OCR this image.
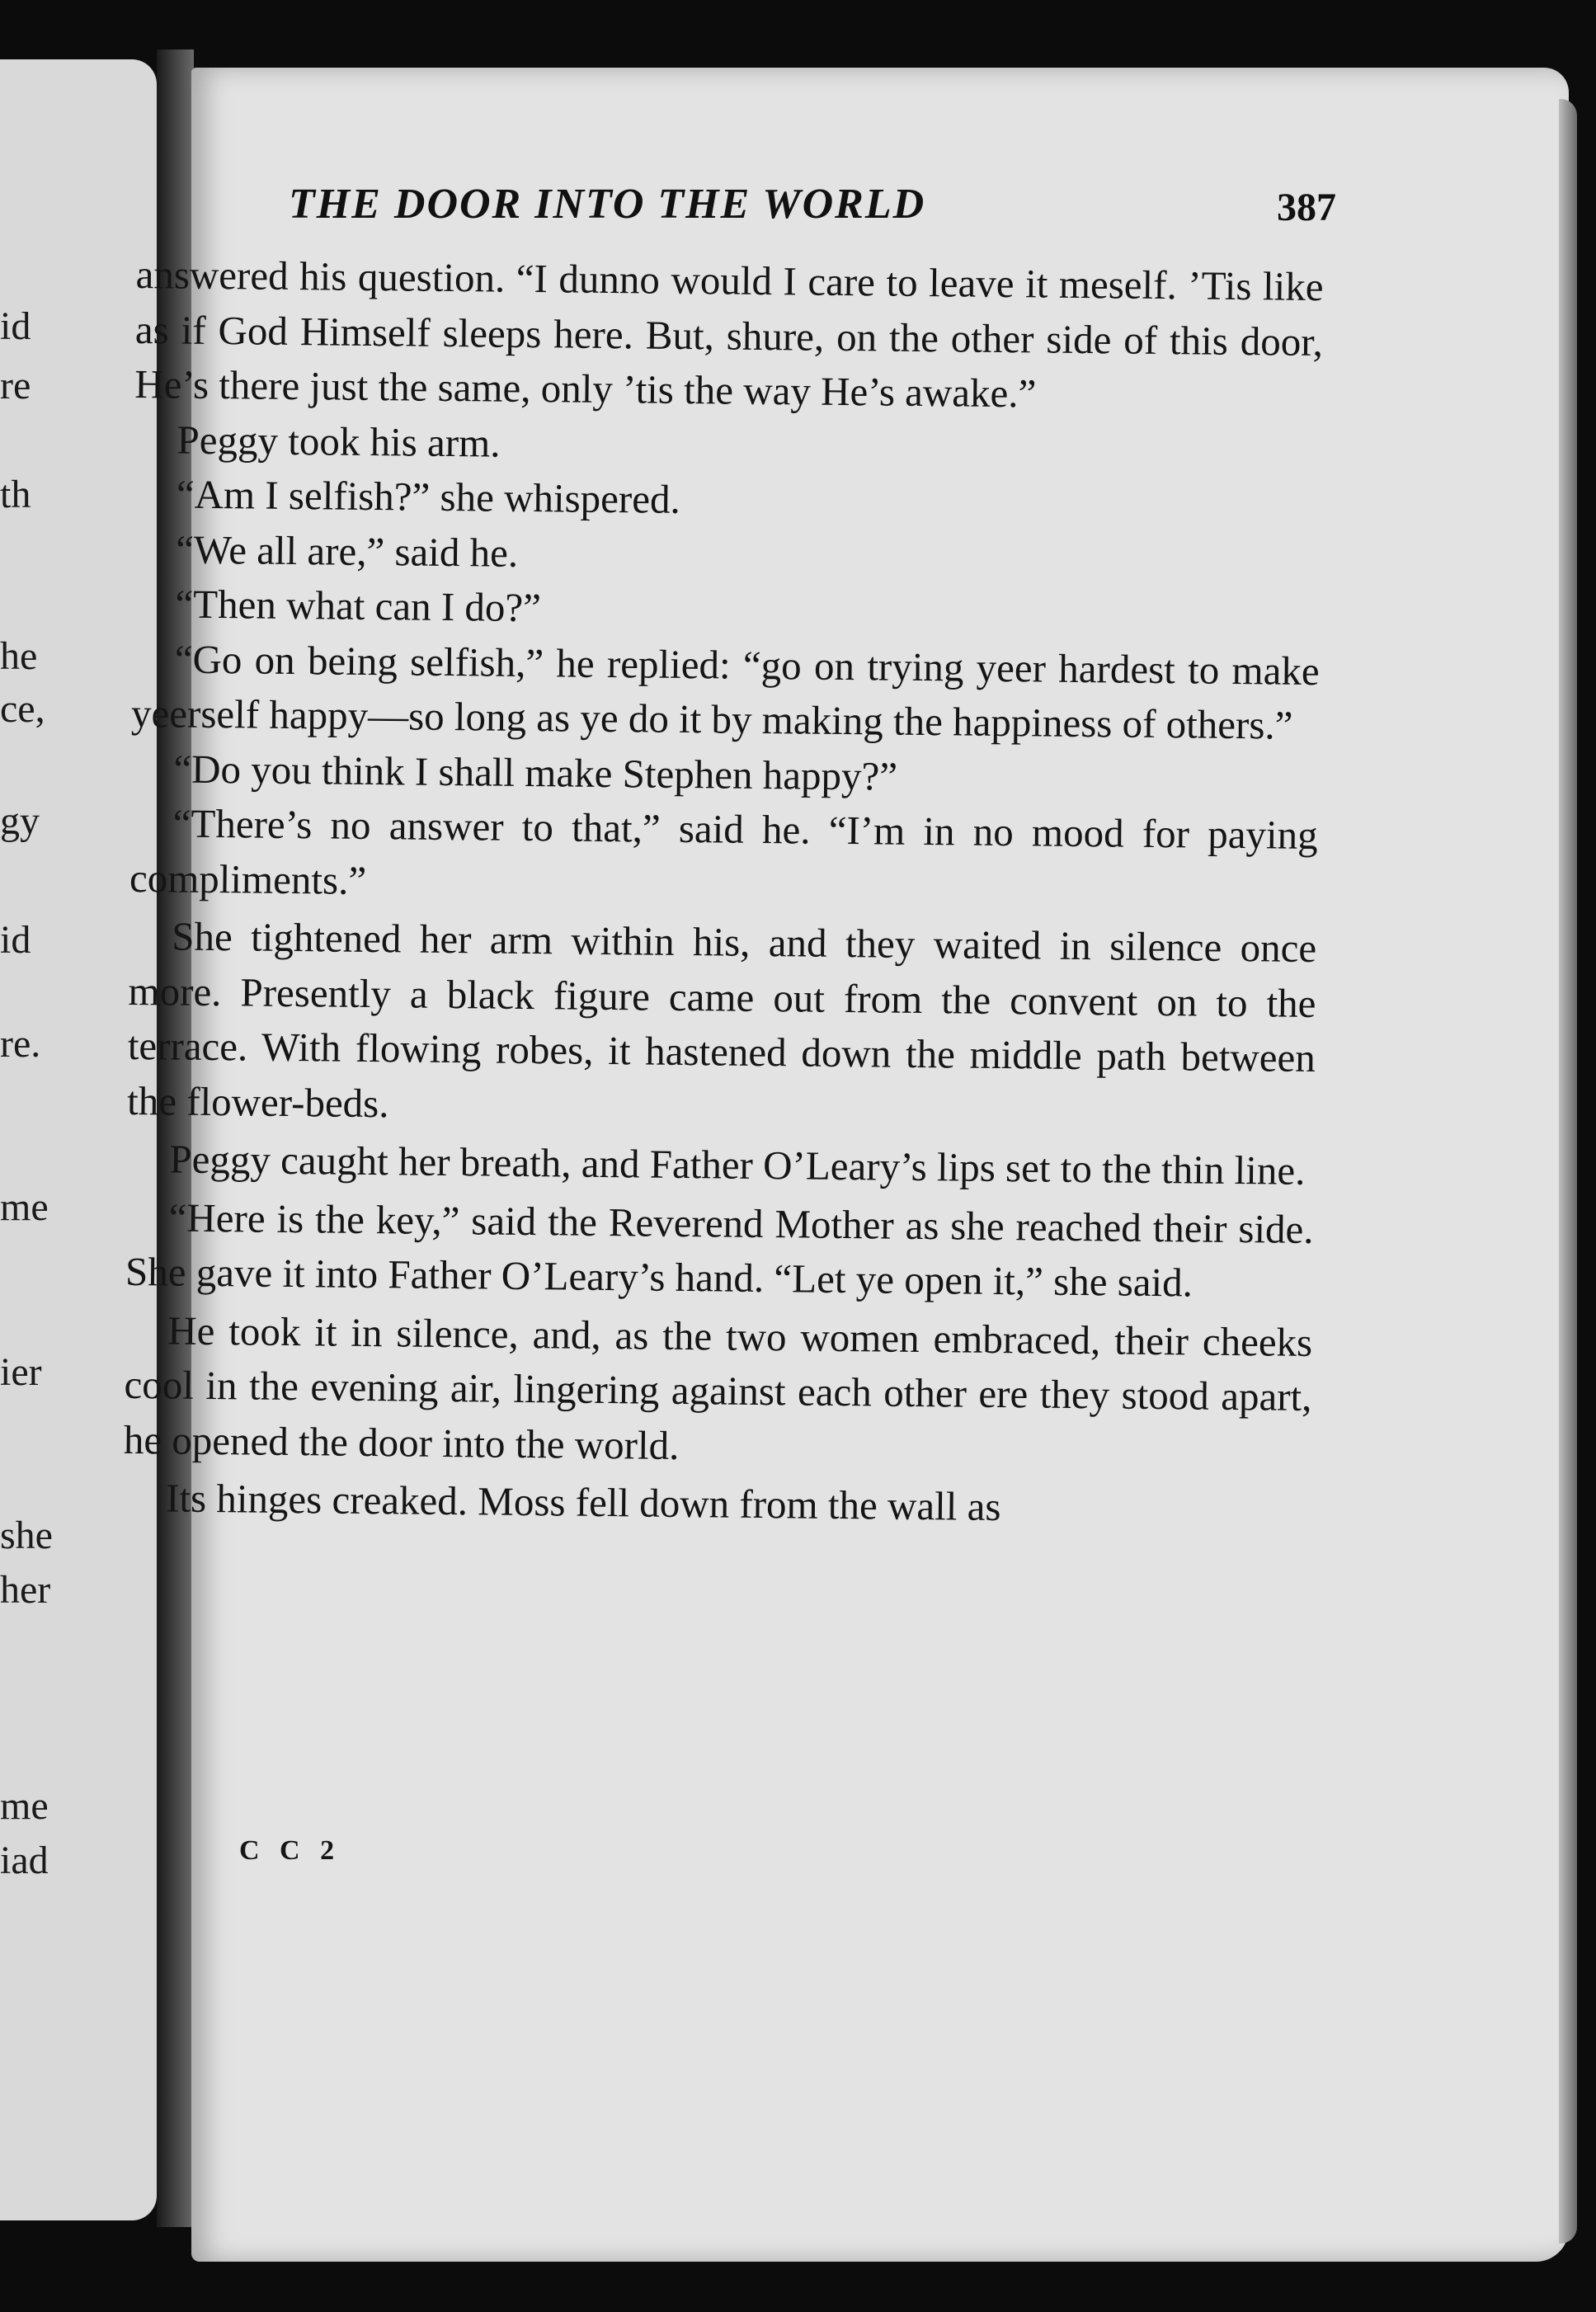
id
re
th
he
ce,
gy
id
re.
me
ier
she
her
me
iad
THE DOOR INTO THE WORLD	387

answered his question. “I dunno would I care to leave it meself. ’Tis like as if God Himself sleeps here. But, shure, on the other side of this door, He’s there just the same, only ’tis the way He’s awake.”

Peggy took his arm.

“Am I selfish?” she whispered.

“We all are,” said he.

“Then what can I do?”

“Go on being selfish,” he replied: “go on trying yeer hardest to make yeerself happy—so long as ye do it by making the happiness of others.”

“Do you think I shall make Stephen happy?”

“There’s no answer to that,” said he. “I’m in no mood for paying compliments.”

She tightened her arm within his, and they waited in silence once more. Presently a black figure came out from the convent on to the terrace. With flowing robes, it hastened down the middle path between the flower-beds.

Peggy caught her breath, and Father O’Leary’s lips set to the thin line.

“Here is the key,” said the Reverend Mother as she reached their side. She gave it into Father O’Leary’s hand. “Let ye open it,” she said.

He took it in silence, and, as the two women embraced, their cheeks cool in the evening air, lingering against each other ere they stood apart, he opened the door into the world.

Its hinges creaked. Moss fell down from the wall as

C C 2
